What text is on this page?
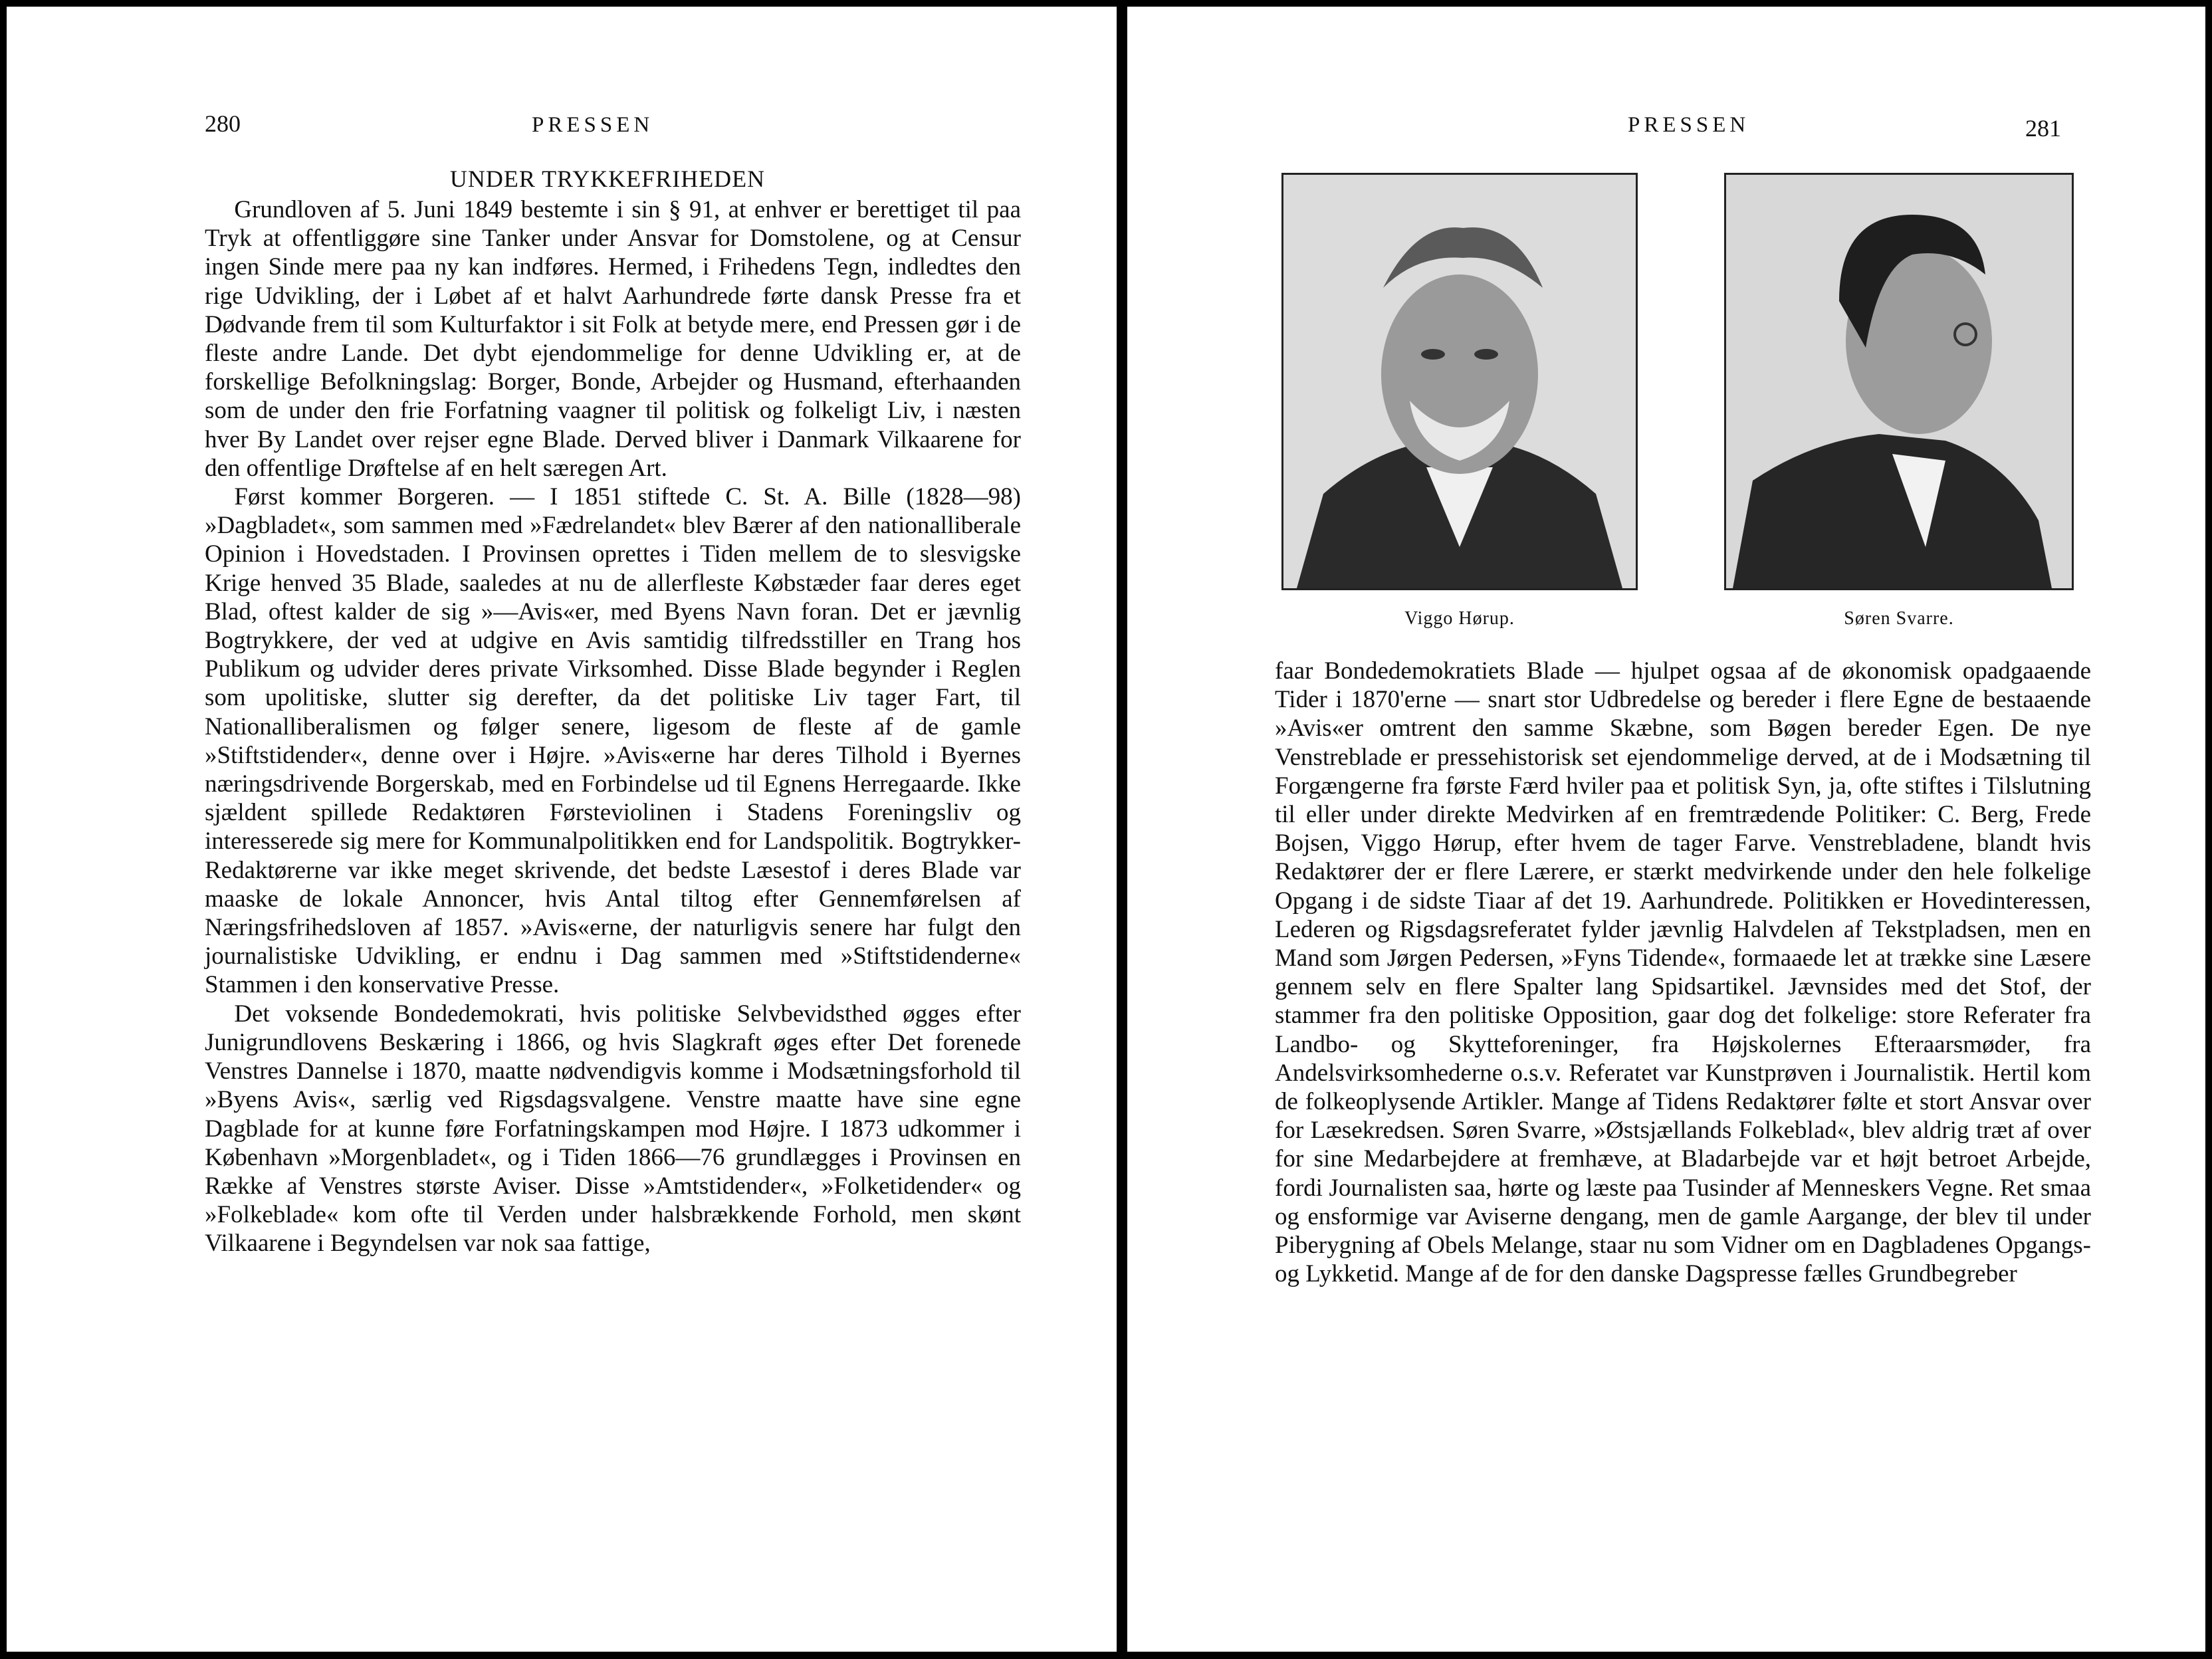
280	PRESSEN
UNDER TRYKKEFRIHEDEN

Grundloven af 5. Juni 1849 bestemte i sin § 91, at enhver er berettiget til paa Tryk at offentliggøre sine Tanker under Ansvar for Domstolene, og at Censur ingen Sinde mere paa ny kan indføres. Hermed, i Frihedens Tegn, indledtes den rige Udvikling, der i Løbet af et halvt Aarhundrede førte dansk Presse fra et Dødvande frem til som Kulturfaktor i sit Folk at betyde mere, end Pressen gør i de fleste andre Lande. Det dybt ejendommelige for denne Udvikling er, at de forskellige Befolkningslag: Borger, Bonde, Arbejder og Husmand, efterhaanden som de under den frie Forfatning vaagner til politisk og folkeligt Liv, i næsten hver By Landet over rejser egne Blade. Derved bliver i Danmark Vilkaarene for den offentlige Drøftelse af en helt særegen Art.

Først kommer Borgeren. — I 1851 stiftede C. St. A. Bille (1828—98) »Dagbladet«, som sammen med »Fædrelandet« blev Bærer af den nationalliberale Opinion i Hovedstaden. I Provinsen oprettes i Tiden mellem de to slesvigske Krige henved 35 Blade, saaledes at nu de allerfleste Købstæder faar deres eget Blad, oftest kalder de sig »—Avis«er, med Byens Navn foran. Det er jævnlig Bogtrykkere, der ved at udgive en Avis samtidig tilfredsstiller en Trang hos Publikum og udvider deres private Virksomhed. Disse Blade begynder i Reglen som upolitiske, slutter sig derefter, da det politiske Liv tager Fart, til Nationalliberalismen og følger senere, ligesom de fleste af de gamle »Stiftstidender«, denne over i Højre. »Avis«erne har deres Tilhold i Byernes næringsdrivende Borgerskab, med en Forbindelse ud til Egnens Herregaarde. Ikke sjældent spillede Redaktøren Førsteviolinen i Stadens Foreningsliv og interesserede sig mere for Kommunalpolitikken end for Landspolitik. Bogtrykker-Redaktørerne var ikke meget skrivende, det bedste Læsestof i deres Blade var maaske de lokale Annoncer, hvis Antal tiltog efter Gennemførelsen af Næringsfrihedsloven af 1857. »Avis«erne, der naturligvis senere har fulgt den journalistiske Udvikling, er endnu i Dag sammen med »Stiftstidenderne« Stammen i den konservative Presse.

Det voksende Bondedemokrati, hvis politiske Selvbevidsthed øgges efter Junigrundlovens Beskæring i 1866, og hvis Slagkraft øges efter Det forenede Venstres Dannelse i 1870, maatte nødvendigvis komme i Modsætningsforhold til »Byens Avis«, særlig ved Rigsdagsvalgene. Venstre maatte have sine egne Dagblade for at kunne føre Forfatningskampen mod Højre. I 1873 udkommer i København »Morgenbladet«, og i Tiden 1866—76 grundlægges i Provinsen en Række af Venstres største Aviser. Disse »Amtstidender«, »Folketidender« og »Folkeblade« kom ofte til Verden under halsbrækkende Forhold, men skønt Vilkaarene i Begyndelsen var nok saa fattige,

PRESSEN	281
Viggo Hørup.	Søren Svarre.

faar Bondedemokratiets Blade — hjulpet ogsaa af de økonomisk opadgaaende Tider i 1870'erne — snart stor Udbredelse og bereder i flere Egne de bestaaende »Avis«er omtrent den samme Skæbne, som Bøgen bereder Egen. De nye Venstreblade er pressehistorisk set ejendommelige derved, at de i Modsætning til Forgængerne fra første Færd hviler paa et politisk Syn, ja, ofte stiftes i Tilslutning til eller under direkte Medvirken af en fremtrædende Politiker: C. Berg, Frede Bojsen, Viggo Hørup, efter hvem de tager Farve. Venstrebladene, blandt hvis Redaktører der er flere Lærere, er stærkt medvirkende under den hele folkelige Opgang i de sidste Tiaar af det 19. Aarhundrede. Politikken er Hovedinteressen, Lederen og Rigsdagsreferatet fylder jævnlig Halvdelen af Tekstpladsen, men en Mand som Jørgen Pedersen, »Fyns Tidende«, formaaede let at trække sine Læsere gennem selv en flere Spalter lang Spidsartikel. Jævnsides med det Stof, der stammer fra den politiske Opposition, gaar dog det folkelige: store Referater fra Landbo- og Skytteforeninger, fra Højskolernes Efteraarsmøder, fra Andelsvirksomhederne o.s.v. Referatet var Kunstprøven i Journalistik. Hertil kom de folkeoplysende Artikler. Mange af Tidens Redaktører følte et stort Ansvar over for Læsekredsen. Søren Svarre, »Østsjællands Folkeblad«, blev aldrig træt af over for sine Medarbejdere at fremhæve, at Bladarbejde var et højt betroet Arbejde, fordi Journalisten saa, hørte og læste paa Tusinder af Menneskers Vegne. Ret smaa og ensformige var Aviserne dengang, men de gamle Aargange, der blev til under Piberygning af Obels Melange, staar nu som Vidner om en Dagbladenes Opgangs- og Lykketid. Mange af de for den danske Dagspresse fælles Grundbegreber
